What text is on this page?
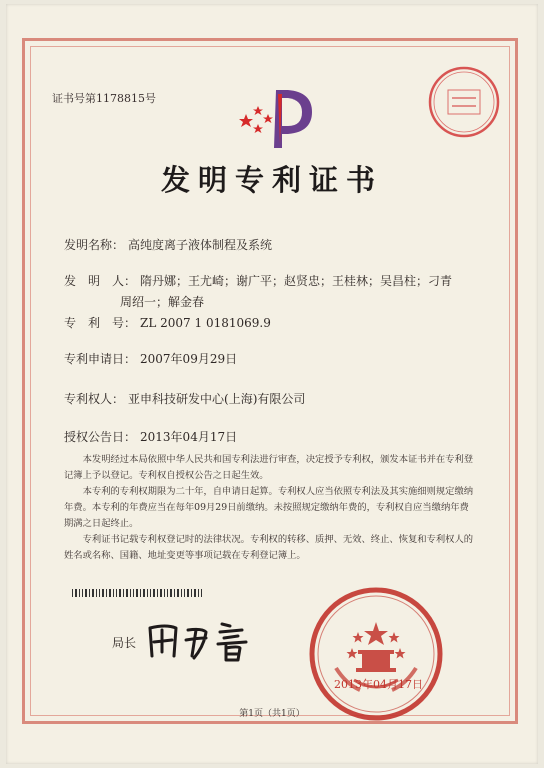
证书号第1178815号
发明专利证书
发明名称： 高纯度离子液体制程及系统
发　明　人： 隋丹娜；王尤崎；谢广平；赵贤忠；王桂林；吴昌柱；刁青
周绍一；解金春
专　利　号： ZL 2007 1 0181069.9
专利申请日： 2007年09月29日
专利权人： 亚申科技研发中心(上海)有限公司
授权公告日： 2013年04月17日

本发明经过本局依照中华人民共和国专利法进行审查，决定授予专利权，颁发本证书并在专利登记簿上予以登记。专利权自授权公告之日起生效。

本专利的专利权期限为二十年，自申请日起算。专利权人应当依照专利法及其实施细则规定缴纳年费。本专利的年费应当在每年09月29日前缴纳。未按照规定缴纳年费的，专利权自应当缴纳年费期满之日起终止。

专利证书记载专利权登记时的法律状况。专利权的转移、质押、无效、终止、恢复和专利权人的姓名或名称、国籍、地址变更等事项记载在专利登记簿上。

局长
2013年04月17日
第1页（共1页）
